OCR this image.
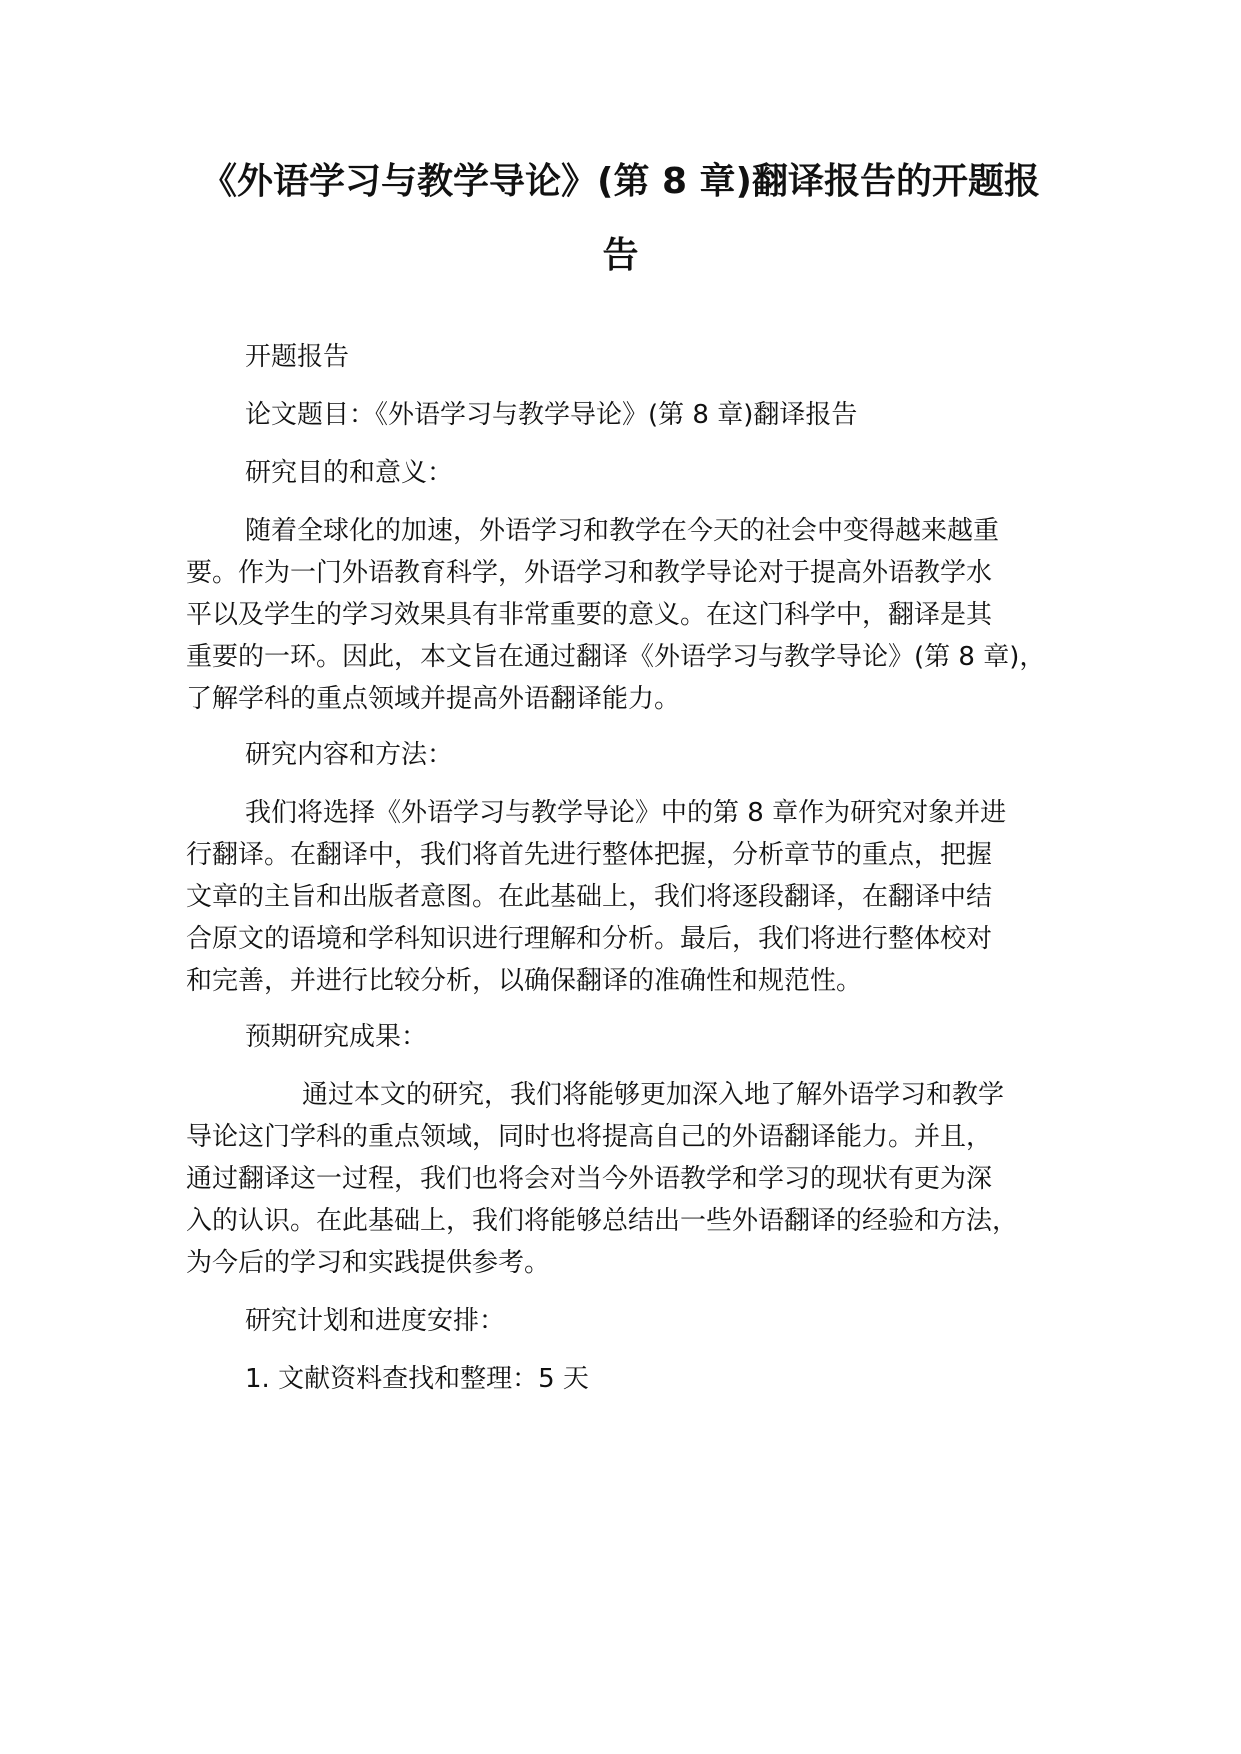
《外语学习与教学导论》(第 8 章)翻译报告的开题报
告
开题报告
论文题目：《外语学习与教学导论》(第 8 章)翻译报告
研究目的和意义：
随着全球化的加速，外语学习和教学在今天的社会中变得越来越重
要。作为一门外语教育科学，外语学习和教学导论对于提高外语教学水
平以及学生的学习效果具有非常重要的意义。在这门科学中，翻译是其
重要的一环。因此，本文旨在通过翻译《外语学习与教学导论》(第 8 章)，
了解学科的重点领域并提高外语翻译能力。
研究内容和方法：
我们将选择《外语学习与教学导论》中的第 8 章作为研究对象并进
行翻译。在翻译中，我们将首先进行整体把握，分析章节的重点，把握
文章的主旨和出版者意图。在此基础上，我们将逐段翻译，在翻译中结
合原文的语境和学科知识进行理解和分析。最后，我们将进行整体校对
和完善，并进行比较分析，以确保翻译的准确性和规范性。
预期研究成果：
通过本文的研究，我们将能够更加深入地了解外语学习和教学
导论这门学科的重点领域，同时也将提高自己的外语翻译能力。并且，
通过翻译这一过程，我们也将会对当今外语教学和学习的现状有更为深
入的认识。在此基础上，我们将能够总结出一些外语翻译的经验和方法，
为今后的学习和实践提供参考。
研究计划和进度安排：
1. 文献资料查找和整理：5 天
